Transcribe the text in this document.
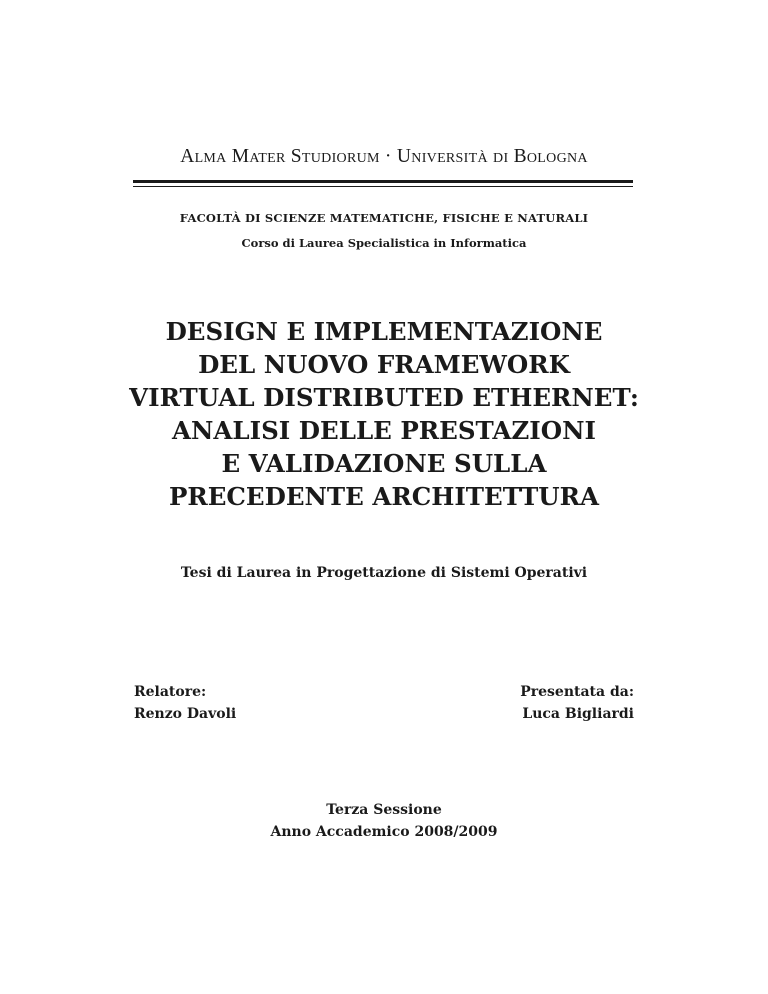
Alma Mater Studiorum · Università di Bologna
FACOLTÀ DI SCIENZE MATEMATICHE, FISICHE E NATURALI
Corso di Laurea Specialistica in Informatica
DESIGN E IMPLEMENTAZIONE
DEL NUOVO FRAMEWORK
VIRTUAL DISTRIBUTED ETHERNET:
ANALISI DELLE PRESTAZIONI
E VALIDAZIONE SULLA
PRECEDENTE ARCHITETTURA
Tesi di Laurea in Progettazione di Sistemi Operativi
Relatore:
Renzo Davoli
Presentata da:
Luca Bigliardi
Terza Sessione
Anno Accademico 2008/2009
